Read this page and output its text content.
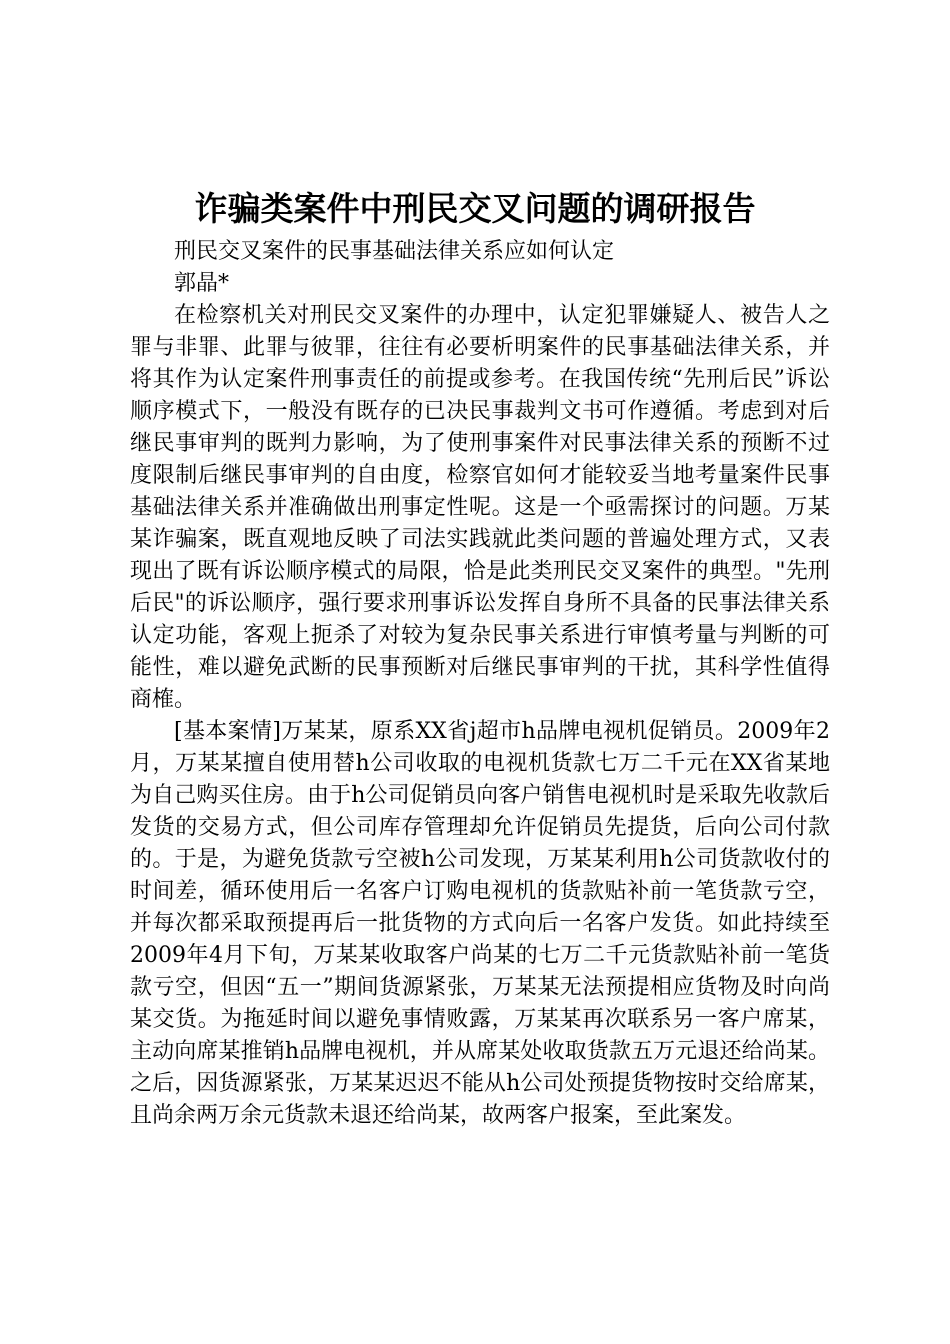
诈骗类案件中刑民交叉问题的调研报告

刑民交叉案件的民事基础法律关系应如何认定

郭晶*

在检察机关对刑民交叉案件的办理中，认定犯罪嫌疑人、被告人之罪与非罪、此罪与彼罪，往往有必要析明案件的民事基础法律关系，并将其作为认定案件刑事责任的前提或参考。在我国传统“先刑后民”诉讼顺序模式下，一般没有既存的已决民事裁判文书可作遵循。考虑到对后继民事审判的既判力影响，为了使刑事案件对民事法律关系的预断不过度限制后继民事审判的自由度，检察官如何才能较妥当地考量案件民事基础法律关系并准确做出刑事定性呢。这是一个亟需探讨的问题。万某某诈骗案，既直观地反映了司法实践就此类问题的普遍处理方式，又表现出了既有诉讼顺序模式的局限，恰是此类刑民交叉案件的典型。"先刑后民"的诉讼顺序，强行要求刑事诉讼发挥自身所不具备的民事法律关系认定功能，客观上扼杀了对较为复杂民事关系进行审慎考量与判断的可能性，难以避免武断的民事预断对后继民事审判的干扰，其科学性值得商榷。

[基本案情]万某某，原系XX省j超市h品牌电视机促销员。2009年2月，万某某擅自使用替h公司收取的电视机货款七万二千元在XX省某地为自己购买住房。由于h公司促销员向客户销售电视机时是采取先收款后发货的交易方式，但公司库存管理却允许促销员先提货，后向公司付款的。于是，为避免货款亏空被h公司发现，万某某利用h公司货款收付的时间差，循环使用后一名客户订购电视机的货款贴补前一笔货款亏空，并每次都采取预提再后一批货物的方式向后一名客户发货。如此持续至2009年4月下旬，万某某收取客户尚某的七万二千元货款贴补前一笔货款亏空，但因“五一”期间货源紧张，万某某无法预提相应货物及时向尚某交货。为拖延时间以避免事情败露，万某某再次联系另一客户席某，主动向席某推销h品牌电视机，并从席某处收取货款五万元退还给尚某。之后，因货源紧张，万某某迟迟不能从h公司处预提货物按时交给席某，且尚余两万余元货款未退还给尚某，故两客户报案，至此案发。
